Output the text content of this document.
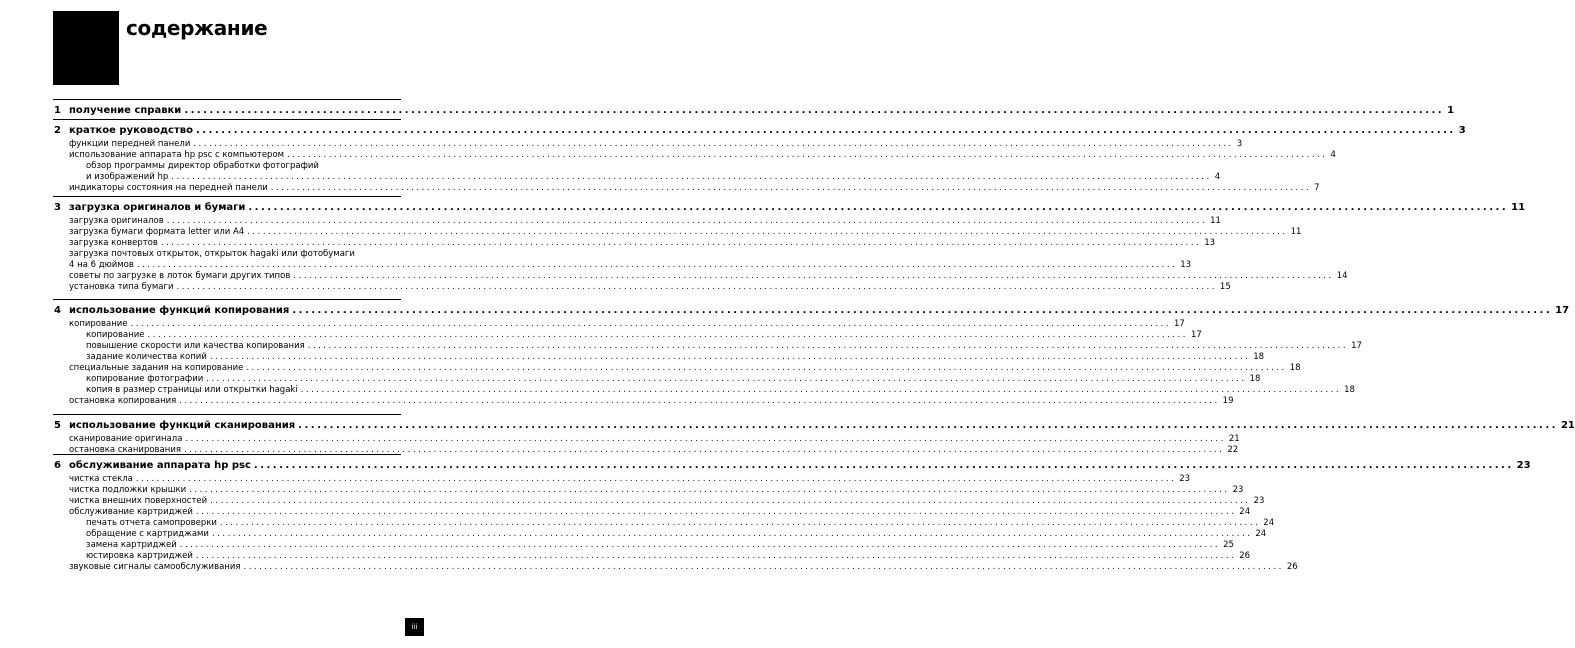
содержание
1 получение справки ........................................................................................................................................................................................................ 1
2 краткое руководство ........................................................................................................................................................................................................ 3
функции передней панели ........................................................................................................................................................................................................ 3
использование аппарата hp psc с компьютером ........................................................................................................................................................................................................ 4
обзор программы директор обработки фотографий
и изображений hp ........................................................................................................................................................................................................ 4
индикаторы состояния на передней панели ........................................................................................................................................................................................................ 7
3 загрузка оригиналов и бумаги ........................................................................................................................................................................................................ 11
загрузка оригиналов ........................................................................................................................................................................................................ 11
загрузка бумаги формата letter или A4 ........................................................................................................................................................................................................ 11
загрузка конвертов ........................................................................................................................................................................................................ 13
загрузка почтовых открыток, открыток hagaki или фотобумаги
4 на 6 дюймов ........................................................................................................................................................................................................ 13
советы по загрузке в лоток бумаги других типов ........................................................................................................................................................................................................ 14
установка типа бумаги ........................................................................................................................................................................................................ 15
4 использование функций копирования ........................................................................................................................................................................................................ 17
копирование ........................................................................................................................................................................................................ 17
копирование ........................................................................................................................................................................................................ 17
повышение скорости или качества копирования ........................................................................................................................................................................................................ 17
задание количества копий ........................................................................................................................................................................................................ 18
специальные задания на копирование ........................................................................................................................................................................................................ 18
копирование фотографии ........................................................................................................................................................................................................ 18
копия в размер страницы или открытки hagaki ........................................................................................................................................................................................................ 18
остановка копирования ........................................................................................................................................................................................................ 19
5 использование функций сканирования ........................................................................................................................................................................................................ 21
сканирование оригинала ........................................................................................................................................................................................................ 21
остановка сканирования ........................................................................................................................................................................................................ 22
6 обслуживание аппарата hp psc ........................................................................................................................................................................................................ 23
чистка стекла ........................................................................................................................................................................................................ 23
чистка подложки крышки ........................................................................................................................................................................................................ 23
чистка внешних поверхностей ........................................................................................................................................................................................................ 23
обслуживание картриджей ........................................................................................................................................................................................................ 24
печать отчета самопроверки ........................................................................................................................................................................................................ 24
обращение с картриджами ........................................................................................................................................................................................................ 24
замена картриджей ........................................................................................................................................................................................................ 25
юстировка картриджей ........................................................................................................................................................................................................ 26
звуковые сигналы самообслуживания ........................................................................................................................................................................................................ 26
iii
